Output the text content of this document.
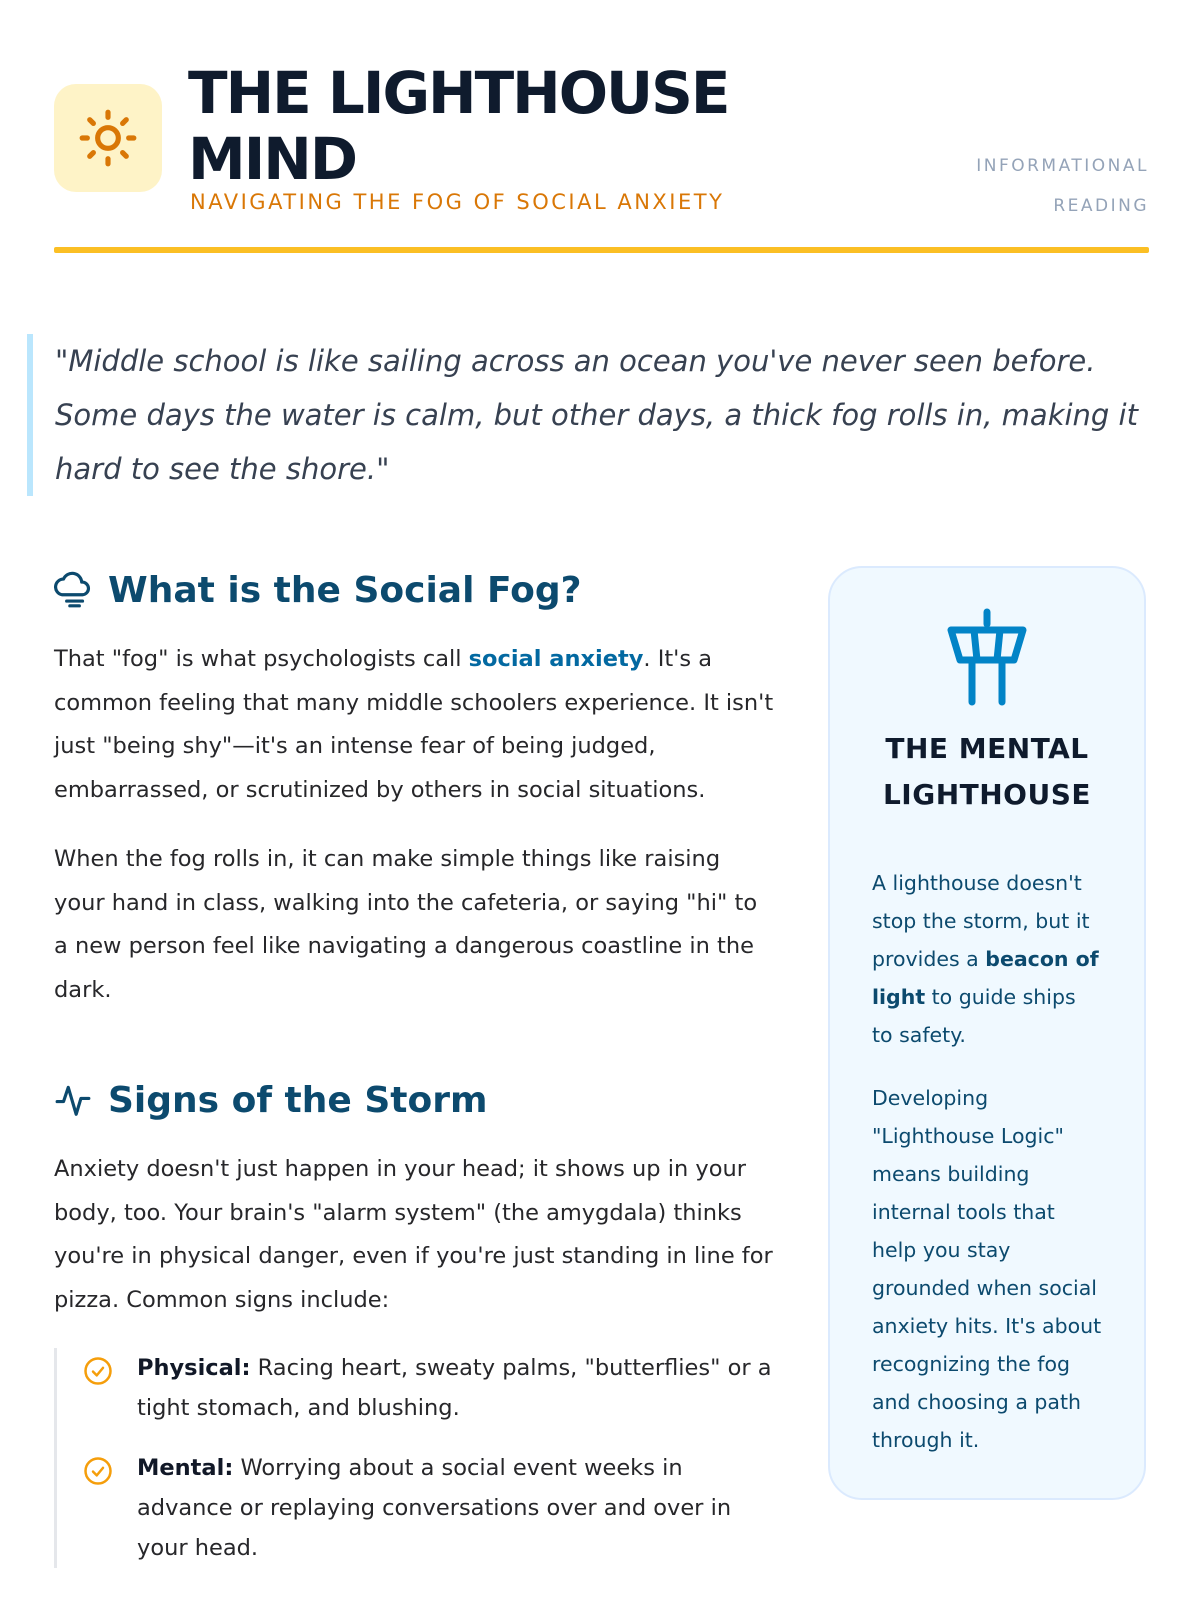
THE LIGHTHOUSE MIND
NAVIGATING THE FOG OF SOCIAL ANXIETY
INFORMATIONAL READING
"Middle school is like sailing across an ocean you've never seen before. Some days the water is calm, but other days, a thick fog rolls in, making it hard to see the shore."
What is the Social Fog?

That "fog" is what psychologists call social anxiety. It's a common feeling that many middle schoolers experience. It isn't just "being shy"—it's an intense fear of being judged, embarrassed, or scrutinized by others in social situations.

When the fog rolls in, it can make simple things like raising your hand in class, walking into the cafeteria, or saying "hi" to a new person feel like navigating a dangerous coastline in the dark.

Signs of the Storm

Anxiety doesn't just happen in your head; it shows up in your body, too. Your brain's "alarm system" (the amygdala) thinks you're in physical danger, even if you're just standing in line for pizza. Common signs include:

Physical: Racing heart, sweaty palms, "butterflies" or a tight stomach, and blushing.
Mental: Worrying about a social event weeks in advance or replaying conversations over and over in your head.
THE MENTAL LIGHTHOUSE

A lighthouse doesn't stop the storm, but it provides a beacon of light to guide ships to safety.

Developing "Lighthouse Logic" means building internal tools that help you stay grounded when social anxiety hits. It's about recognizing the fog and choosing a path through it.
